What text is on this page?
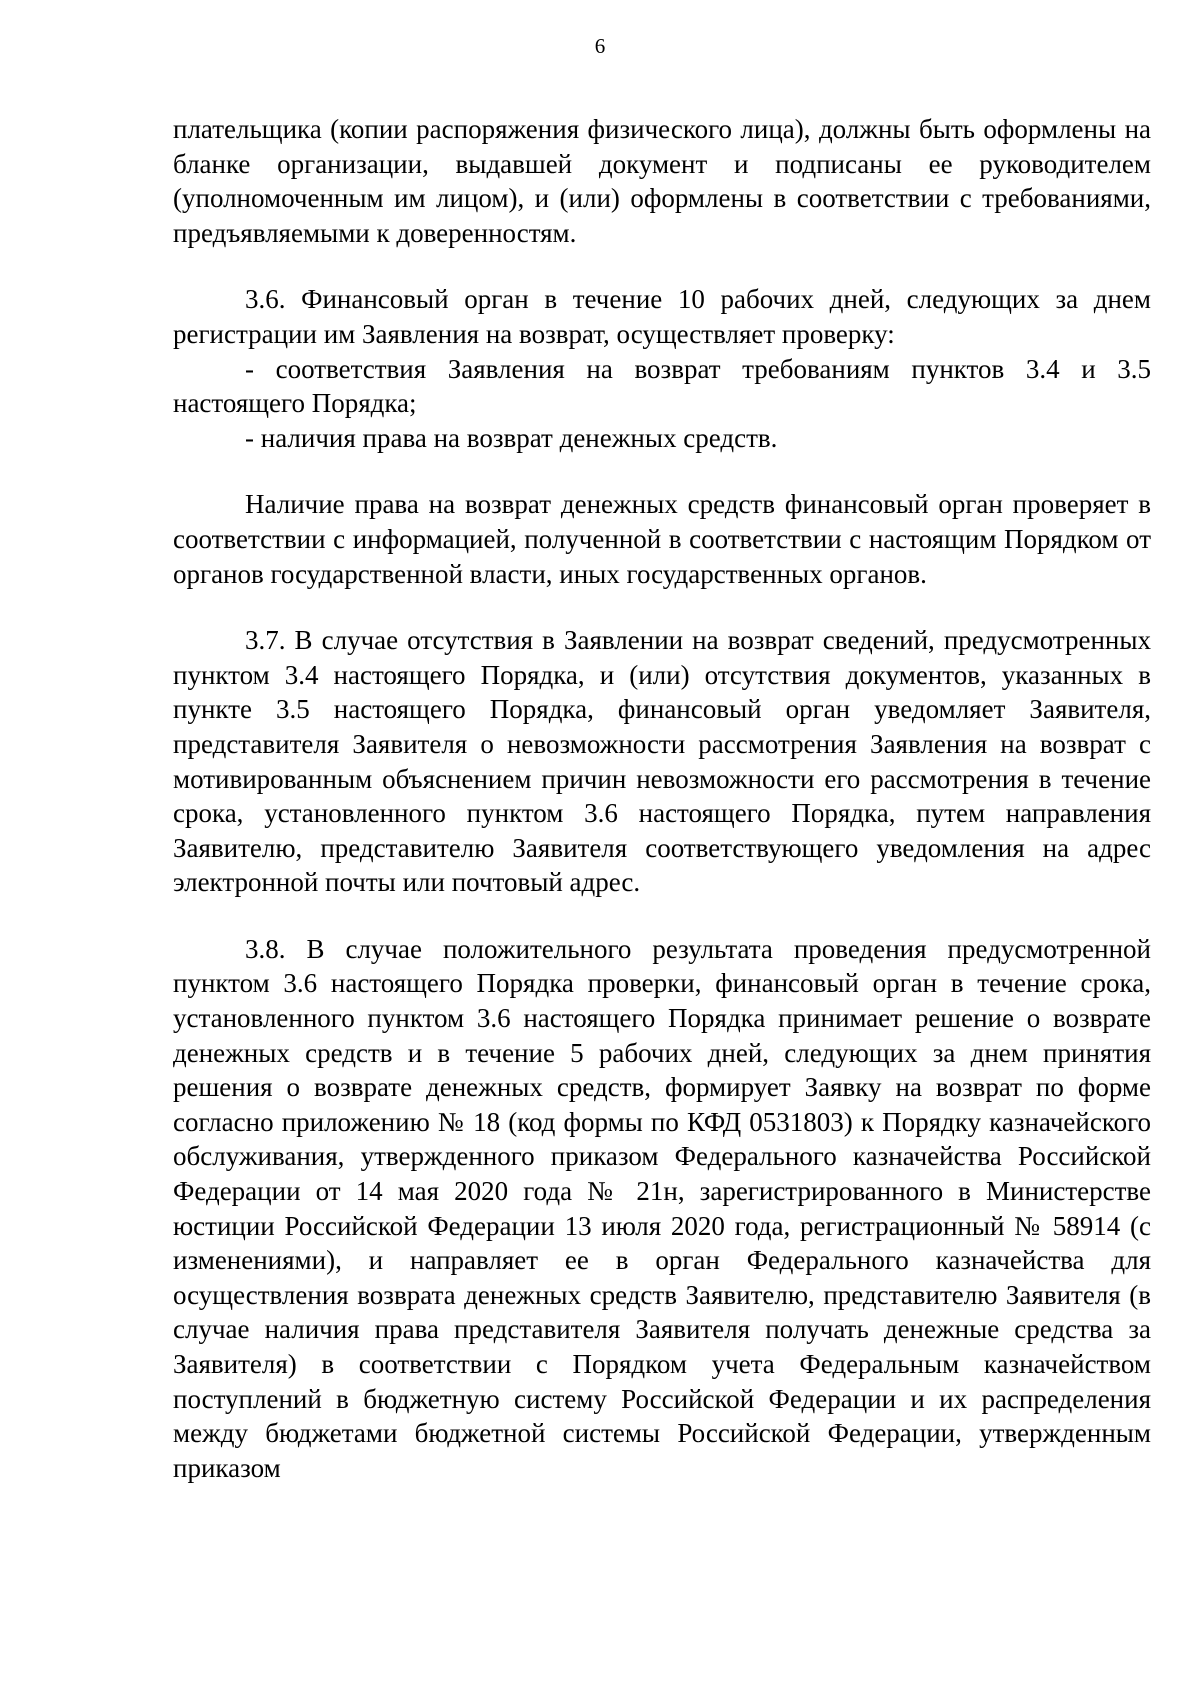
6

плательщика (копии распоряжения физического лица), должны быть оформлены на бланке организации, выдавшей документ и подписаны ее руководителем (уполномоченным им лицом), и (или) оформлены в соответствии с требованиями, предъявляемыми к доверенностям.

3.6. Финансовый орган в течение 10 рабочих дней, следующих за днем регистрации им Заявления на возврат, осуществляет проверку:

- соответствия Заявления на возврат требованиям пунктов 3.4 и 3.5 настоящего Порядка;

- наличия права на возврат денежных средств.

Наличие права на возврат денежных средств финансовый орган проверяет в соответствии с информацией, полученной в соответствии с настоящим Порядком от органов государственной власти, иных государственных органов.

3.7. В случае отсутствия в Заявлении на возврат сведений, предусмотренных пунктом 3.4 настоящего Порядка, и (или) отсутствия документов, указанных в пункте 3.5 настоящего Порядка, финансовый орган уведомляет Заявителя, представителя Заявителя о невозможности рассмотрения Заявления на возврат с мотивированным объяснением причин невозможности его рассмотрения в течение срока, установленного пунктом 3.6 настоящего Порядка, путем направления Заявителю, представителю Заявителя соответствующего уведомления на адрес электронной почты или почтовый адрес.

3.8. В случае положительного результата проведения предусмотренной пунктом 3.6 настоящего Порядка проверки, финансовый орган в течение срока, установленного пунктом 3.6 настоящего Порядка принимает решение о возврате денежных средств и в течение 5 рабочих дней, следующих за днем принятия решения о возврате денежных средств, формирует Заявку на возврат по форме согласно приложению № 18 (код формы по КФД 0531803) к Порядку казначейского обслуживания, утвержденного приказом Федерального казначейства Российской Федерации от 14 мая 2020 года № 21н, зарегистрированного в Министерстве юстиции Российской Федерации 13 июля 2020 года, регистрационный № 58914 (с изменениями), и направляет ее в орган Федерального казначейства для осуществления возврата денежных средств Заявителю, представителю Заявителя (в случае наличия права представителя Заявителя получать денежные средства за Заявителя) в соответствии с Порядком учета Федеральным казначейством поступлений в бюджетную систему Российской Федерации и их распределения между бюджетами бюджетной системы Российской Федерации, утвержденным приказом
